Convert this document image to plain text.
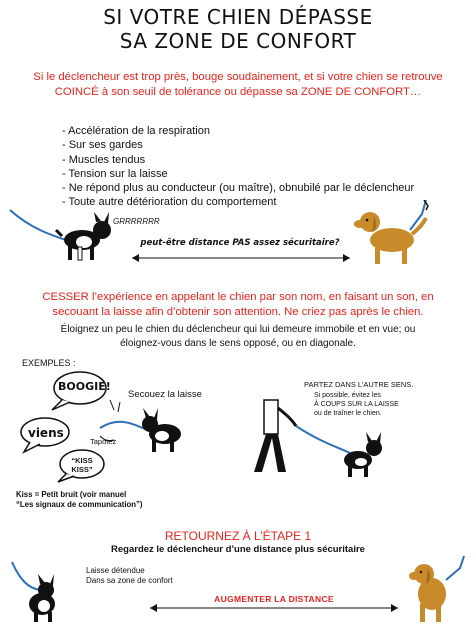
SI VOTRE CHIEN DÉPASSE
SA ZONE DE CONFORT
Si le déclencheur est trop près, bouge soudainement, et si votre chien se retrouve COINCÉ à son seuil de tolérance ou dépasse sa ZONE DE CONFORT…
- Accélération de la respiration
- Sur ses gardes
- Muscles tendus
- Tension sur la laisse
- Ne répond plus au conducteur (ou maître), obnubilé par le déclencheur
- Toute autre détérioration du comportement
GRRRRRRR
peut-être distance PAS assez sécuritaire?
CESSER l’expérience en appelant le chien par son nom, en faisant un son, en secouant la laisse afin d’obtenir son attention. Ne criez pas après le chien.
Éloignez un peu le chien du déclencheur qui lui demeure immobile et en vue; ou éloignez-vous dans le sens opposé, ou en diagonale.
EXEMPLES :
BOOGIE!
viens
“KISS KISS”
Secouez la laisse
Tapotez
Kiss = Petit bruit (voir manuel
“Les signaux de communication”)
PARTEZ DANS L’AUTRE SENS.
Si possible, évitez les
À COUPS SUR LA LAISSE
ou de traîner le chien.
RETOURNEZ À L’ÉTAPE 1
Regardez le déclencheur d’une distance plus sécuritaire
Laisse détendue
Dans sa zone de confort
AUGMENTER LA DISTANCE
